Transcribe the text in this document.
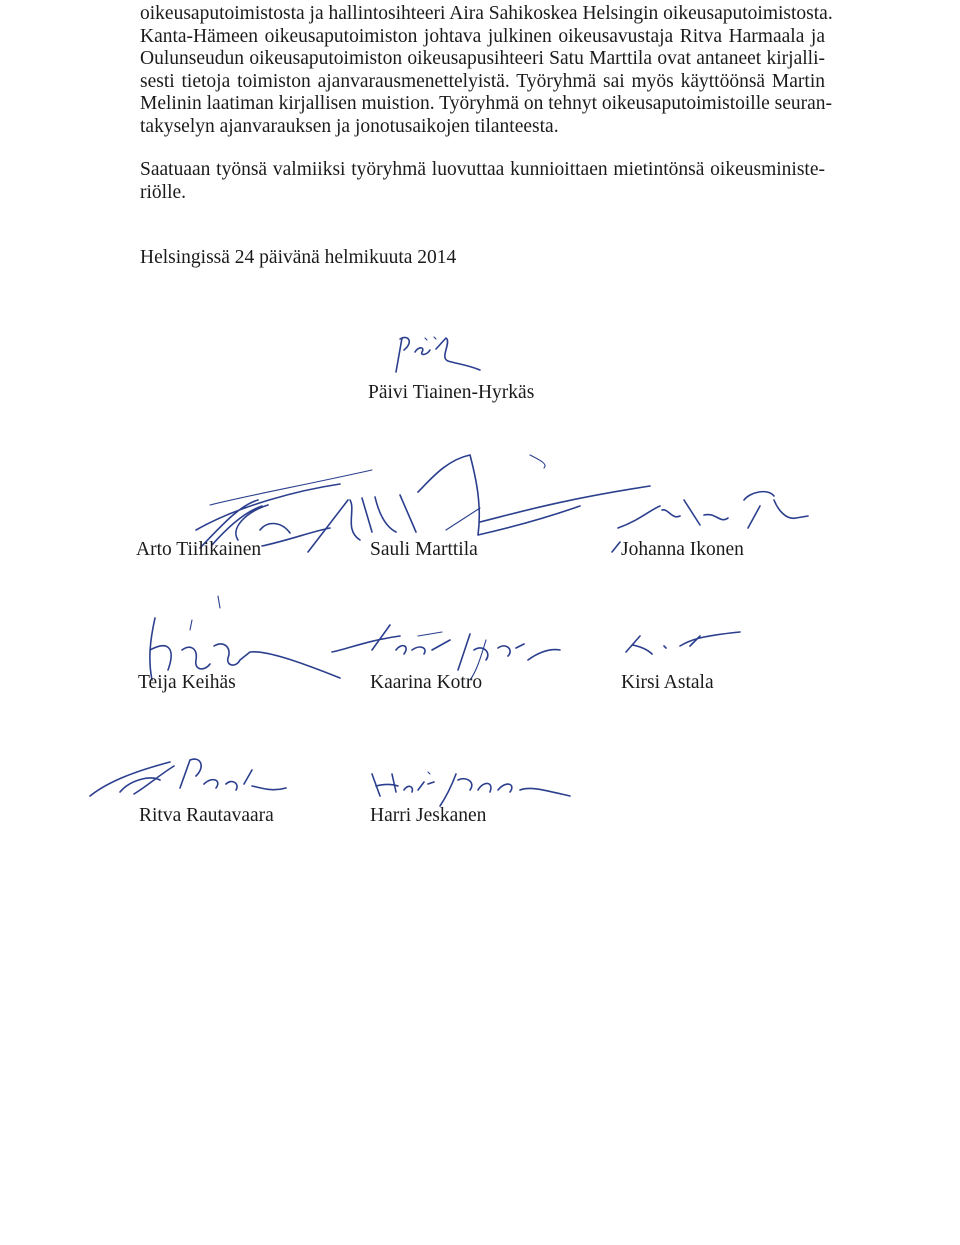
oikeusaputoimistosta ja hallintosihteeri Aira Sahikoskea Helsingin oikeusaputoimistosta.
Kanta-Hämeen oikeusaputoimiston johtava julkinen oikeusavustaja Ritva Harmaala ja
Oulunseudun oikeusaputoimiston oikeusapusihteeri Satu Marttila ovat antaneet kirjalli-
sesti tietoja toimiston ajanvarausmenettelyistä. Työryhmä sai myös käyttöönsä Martin
Melinin laatiman kirjallisen muistion. Työryhmä on tehnyt oikeusaputoimistoille seuran-
takyselyn ajanvarauksen ja jonotusaikojen tilanteesta.
Saatuaan työnsä valmiiksi työryhmä luovuttaa kunnioittaen mietintönsä oikeusministe-
riölle.
Helsingissä 24 päivänä helmikuuta 2014
Päivi Tiainen-Hyrkäs
Arto Tiilikainen	Sauli Marttila	Johanna Ikonen
Teija Keihäs	Kaarina Kotro	Kirsi Astala
Ritva Rautavaara	Harri Jeskanen
